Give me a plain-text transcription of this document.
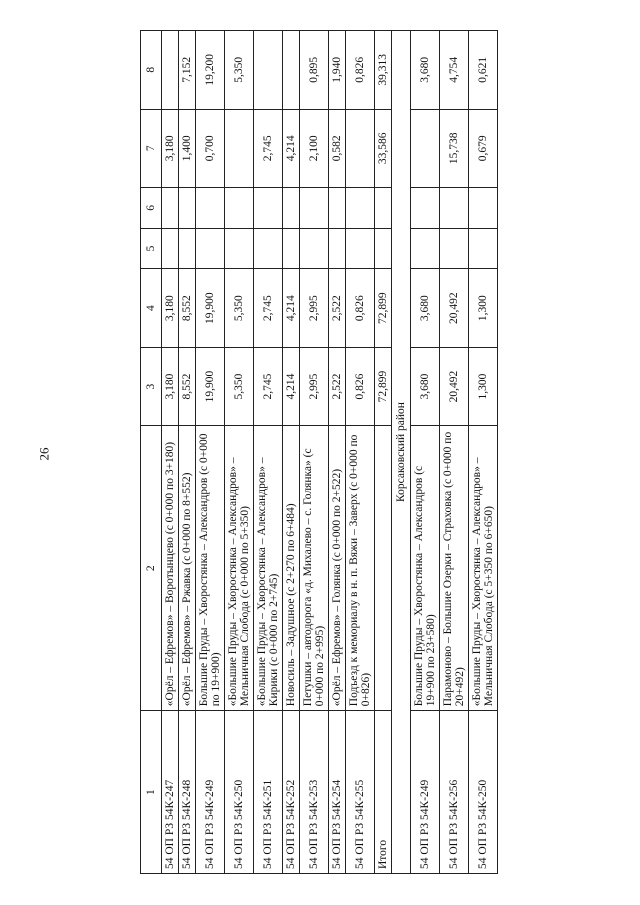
26
1	2	3	4	5	6	7	8
54 ОП РЗ 54К-247	«Орёл – Ефремов» – Воротынцево (с 0+000 по 3+180)	3,180	3,180			3,180	
54 ОП РЗ 54К-248	«Орёл – Ефремов» – Ржавка (с 0+000 по 8+552)	8,552	8,552			1,400	7,152
54 ОП РЗ 54К-249	Большие Пруды – Хворостянка – Александров (с 0+000 по 19+900)	19,900	19,900			0,700	19,200
54 ОП РЗ 54К-250	«Большие Пруды – Хворостянка – Александров» – Мельничная Слобода (с 0+000 по 5+350)	5,350	5,350				5,350
54 ОП РЗ 54К-251	«Большие Пруды – Хворостянка – Александров» – Кирики (с 0+000 по 2+745)	2,745	2,745			2,745	
54 ОП РЗ 54К-252	Новосиль – Задушное (с 2+270 по 6+484)	4,214	4,214			4,214	
54 ОП РЗ 54К-253	Петушки – автодорога «д. Михалево – с. Голянка» (с 0+000 по 2+995)	2,995	2,995			2,100	0,895
54 ОП РЗ 54К-254	«Орёл – Ефремов» – Голянка (с 0+000 по 2+522)	2,522	2,522			0,582	1,940
54 ОП РЗ 54К-255	Подъезд к мемориалу в н. п. Вяжи – Заверх (с 0+000 по 0+826)	0,826	0,826				0,826
Итого		72,899	72,899			33,586	39,313
Корсаковский район							
54 ОП РЗ 54К-249	Большие Пруды – Хворостянка – Александров (с 19+900 по 23+580)	3,680	3,680				3,680
54 ОП РЗ 54К-256	Парамоново – Большие Озерки – Страховка (с 0+000 по 20+492)	20,492	20,492			15,738	4,754
54 ОП РЗ 54К-250	«Большие Пруды – Хворостянка – Александров» – Мельничная Слобода (с 5+350 по 6+650)	1,300	1,300			0,679	0,621
